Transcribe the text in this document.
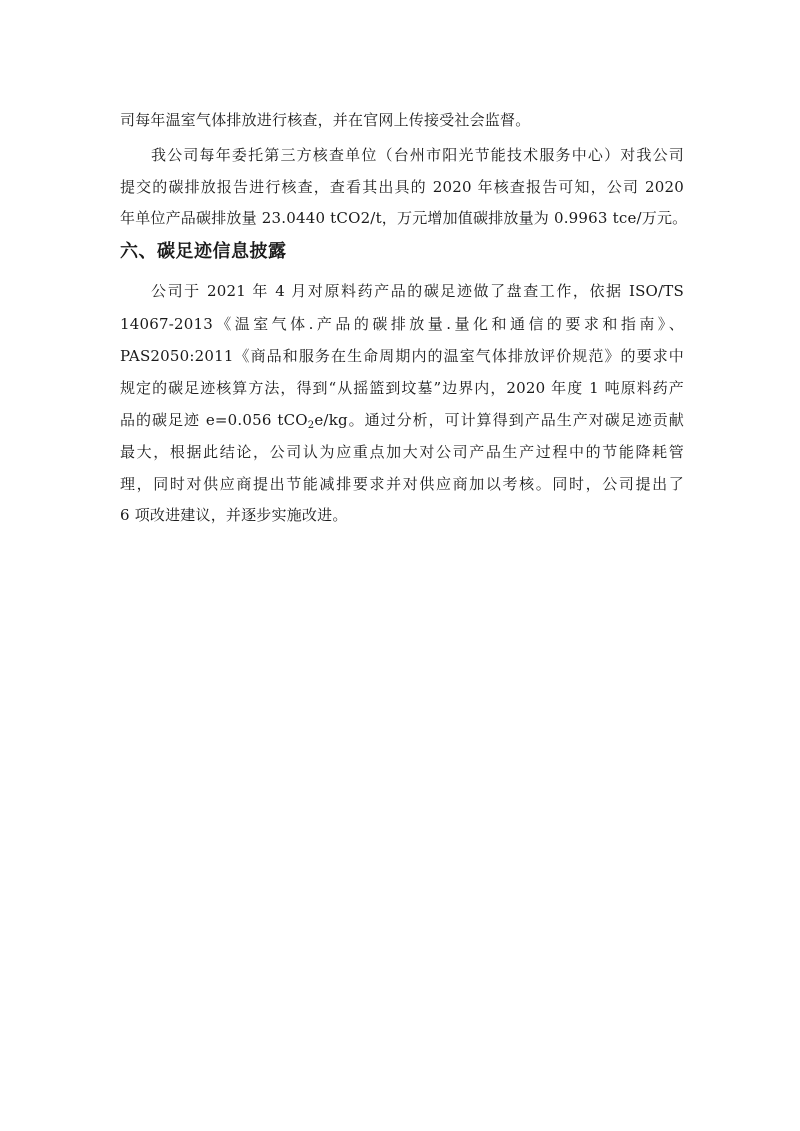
司每年温室气体排放进行核查，并在官网上传接受社会监督。
我公司每年委托第三方核查单位（台州市阳光节能技术服务中心）对我公司
提交的碳排放报告进行核查，查看其出具的 2020 年核查报告可知，公司 2020
年单位产品碳排放量 23.0440 tCO2/t，万元增加值碳排放量为 0.9963 tce/万元。
六、碳足迹信息披露
公司于 2021 年 4 月对原料药产品的碳足迹做了盘查工作，依据 ISO/TS
14067-2013《温室气体.产品的碳排放量.量化和通信的要求和指南》、
PAS2050:2011《商品和服务在生命周期内的温室气体排放评价规范》的要求中
规定的碳足迹核算方法，得到“从摇篮到坟墓”边界内，2020 年度 1 吨原料药产
品的碳足迹 e=0.056 tCO$_2$e/kg。通过分析，可计算得到产品生产对碳足迹贡献
最大，根据此结论，公司认为应重点加大对公司产品生产过程中的节能降耗管
理，同时对供应商提出节能减排要求并对供应商加以考核。同时，公司提出了
6 项改进建议，并逐步实施改进。
